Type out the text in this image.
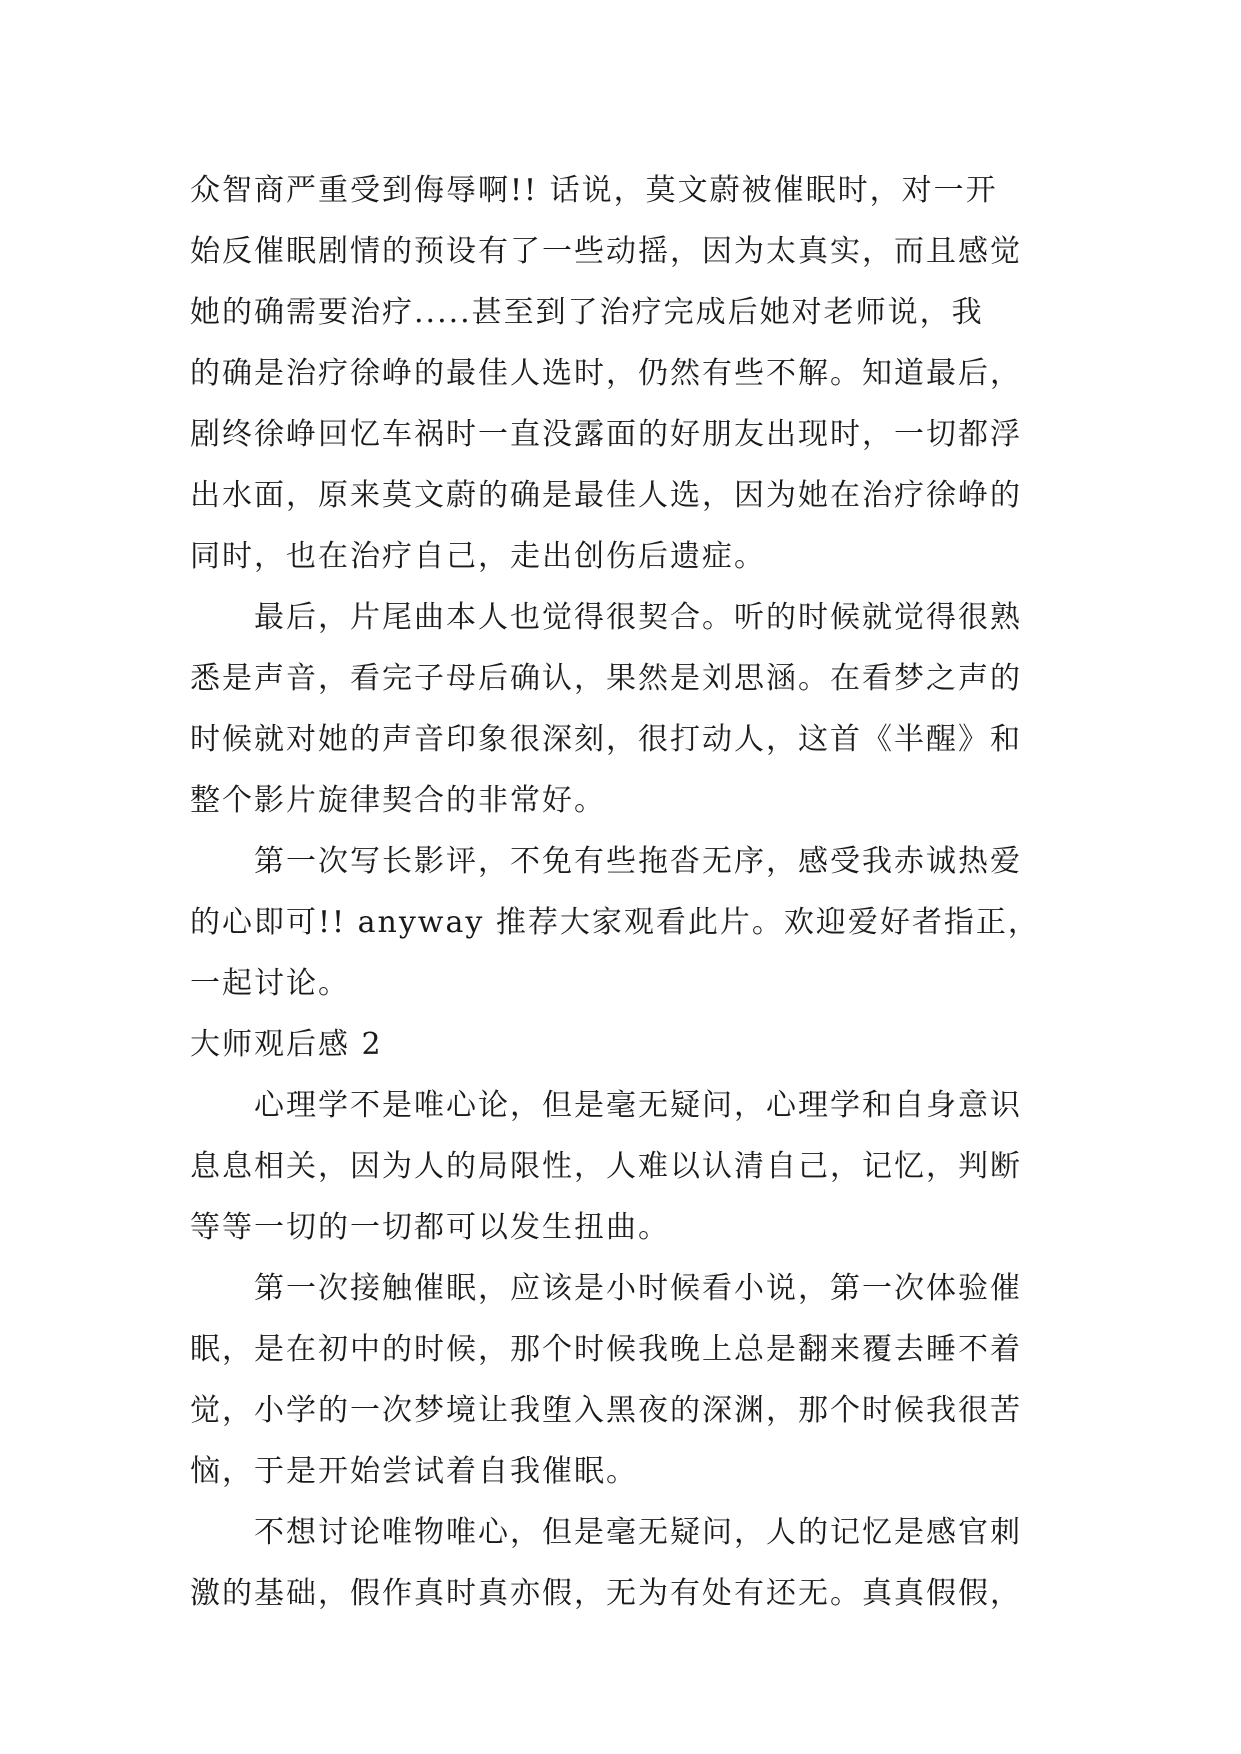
众智商严重受到侮辱啊!! 话说，莫文蔚被催眠时，对一开
始反催眠剧情的预设有了一些动摇，因为太真实，而且感觉
她的确需要治疗.....甚至到了治疗完成后她对老师说，我
的确是治疗徐峥的最佳人选时，仍然有些不解。知道最后，
剧终徐峥回忆车祸时一直没露面的好朋友出现时，一切都浮
出水面，原来莫文蔚的确是最佳人选，因为她在治疗徐峥的
同时，也在治疗自己，走出创伤后遗症。
最后，片尾曲本人也觉得很契合。听的时候就觉得很熟
悉是声音，看完子母后确认，果然是刘思涵。在看梦之声的
时候就对她的声音印象很深刻，很打动人，这首《半醒》和
整个影片旋律契合的非常好。
第一次写长影评，不免有些拖沓无序，感受我赤诚热爱
的心即可!! anyway 推荐大家观看此片。欢迎爱好者指正，
一起讨论。
大师观后感 2
心理学不是唯心论，但是毫无疑问，心理学和自身意识
息息相关，因为人的局限性，人难以认清自己，记忆，判断
等等一切的一切都可以发生扭曲。
第一次接触催眠，应该是小时候看小说，第一次体验催
眠，是在初中的时候，那个时候我晚上总是翻来覆去睡不着
觉，小学的一次梦境让我堕入黑夜的深渊，那个时候我很苦
恼，于是开始尝试着自我催眠。
不想讨论唯物唯心，但是毫无疑问，人的记忆是感官刺
激的基础，假作真时真亦假，无为有处有还无。真真假假，
